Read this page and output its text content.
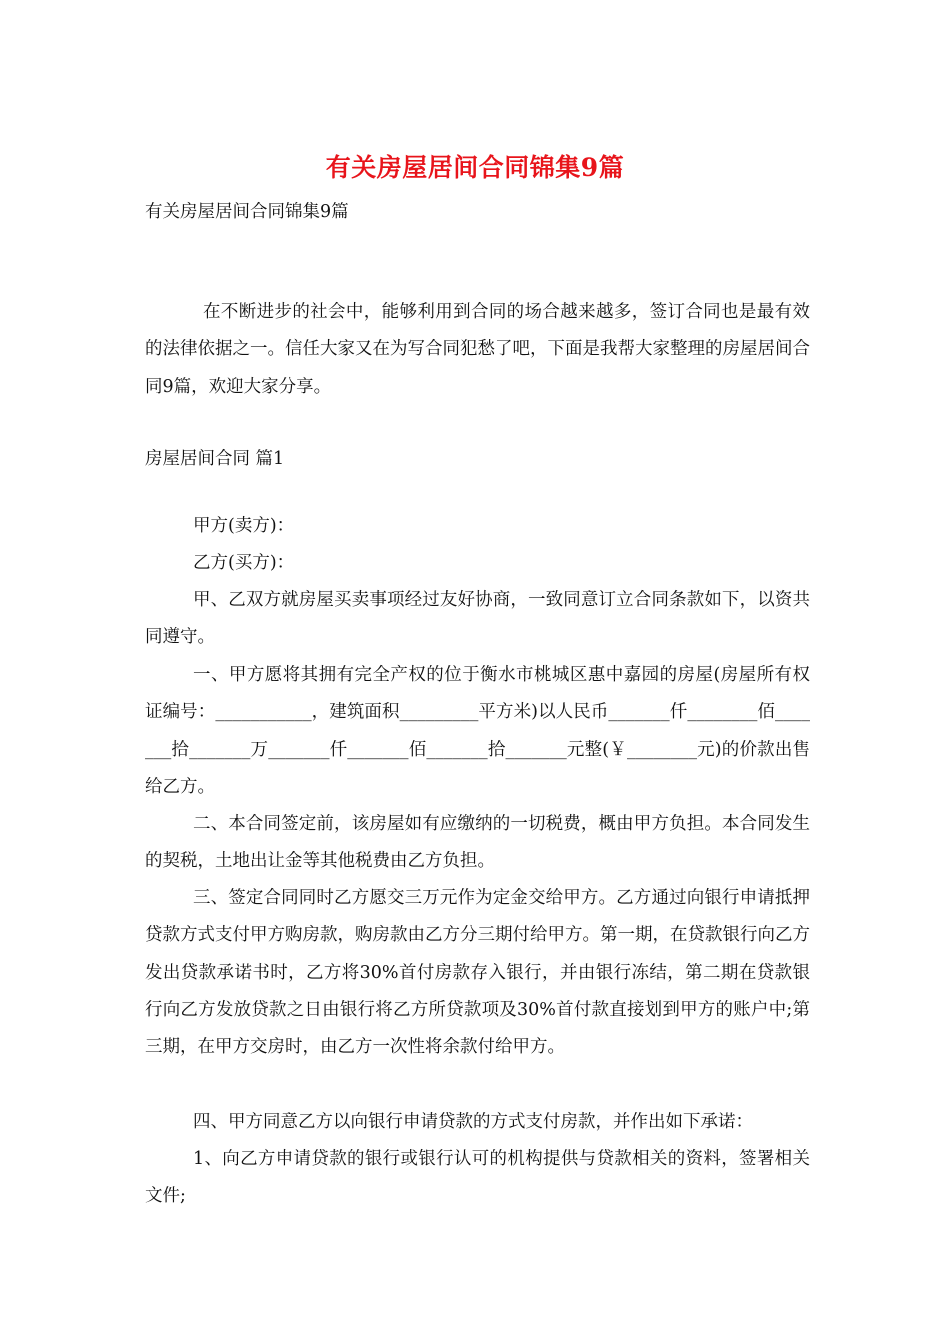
有关房屋居间合同锦集9篇
有关房屋居间合同锦集9篇

在不断进步的社会中，能够利用到合同的场合越来越多，签订合同也是最有效的法律依据之一。信任大家又在为写合同犯愁了吧，下面是我帮大家整理的房屋居间合同9篇，欢迎大家分享。

房屋居间合同 篇1

甲方(卖方)：

乙方(买方)：

甲、乙双方就房屋买卖事项经过友好协商，一致同意订立合同条款如下，以资共同遵守。

一、甲方愿将其拥有完全产权的位于衡水市桃城区惠中嘉园的房屋(房屋所有权证编号：___________，建筑面积_________平方米)以人民币_______仟________佰_______拾_______万_______仟_______佰_______拾_______元整(￥________元)的价款出售给乙方。

二、本合同签定前，该房屋如有应缴纳的一切税费，概由甲方负担。本合同发生的契税，土地出让金等其他税费由乙方负担。

三、签定合同同时乙方愿交三万元作为定金交给甲方。乙方通过向银行申请抵押贷款方式支付甲方购房款，购房款由乙方分三期付给甲方。第一期，在贷款银行向乙方发出贷款承诺书时，乙方将30%首付房款存入银行，并由银行冻结，第二期在贷款银行向乙方发放贷款之日由银行将乙方所贷款项及30%首付款直接划到甲方的账户中;第三期，在甲方交房时，由乙方一次性将余款付给甲方。

四、甲方同意乙方以向银行申请贷款的方式支付房款，并作出如下承诺：

1、向乙方申请贷款的银行或银行认可的机构提供与贷款相关的资料，签署相关文件;
